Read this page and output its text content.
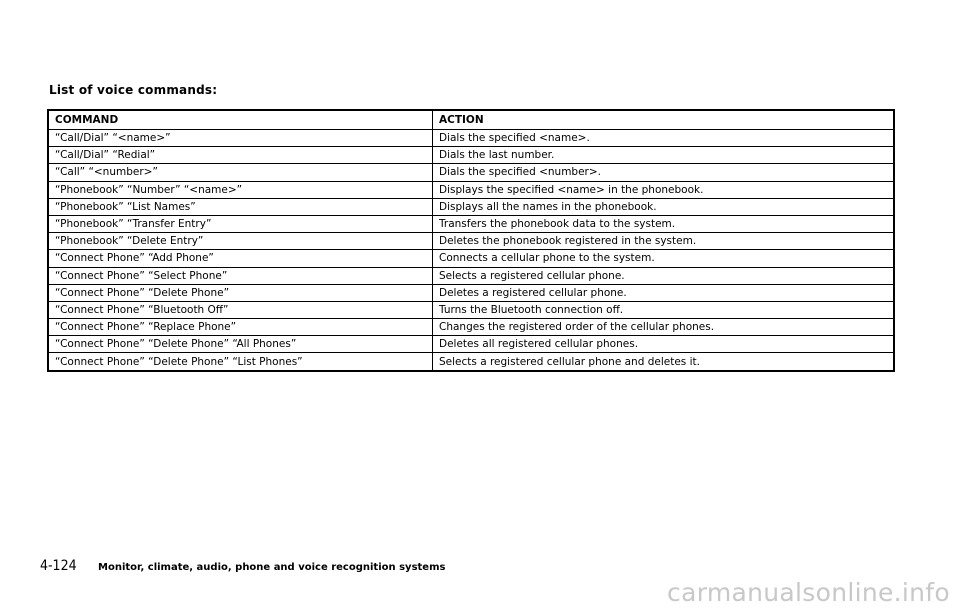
List of voice commands:
COMMAND	ACTION
“Call/Dial” “<name>”	Dials the specified <name>.
“Call/Dial” “Redial”	Dials the last number.
“Call” “<number>”	Dials the specified <number>.
“Phonebook” “Number” “<name>”	Displays the specified <name> in the phonebook.
“Phonebook” “List Names”	Displays all the names in the phonebook.
“Phonebook” “Transfer Entry”	Transfers the phonebook data to the system.
“Phonebook” “Delete Entry”	Deletes the phonebook registered in the system.
“Connect Phone” “Add Phone”	Connects a cellular phone to the system.
“Connect Phone” “Select Phone”	Selects a registered cellular phone.
“Connect Phone” “Delete Phone”	Deletes a registered cellular phone.
“Connect Phone” “Bluetooth Off”	Turns the Bluetooth connection off.
“Connect Phone” “Replace Phone”	Changes the registered order of the cellular phones.
“Connect Phone” “Delete Phone” “All Phones”	Deletes all registered cellular phones.
“Connect Phone” “Delete Phone” “List Phones”	Selects a registered cellular phone and deletes it.
4-124 Monitor, climate, audio, phone and voice recognition systems
carmanualsonline.info
